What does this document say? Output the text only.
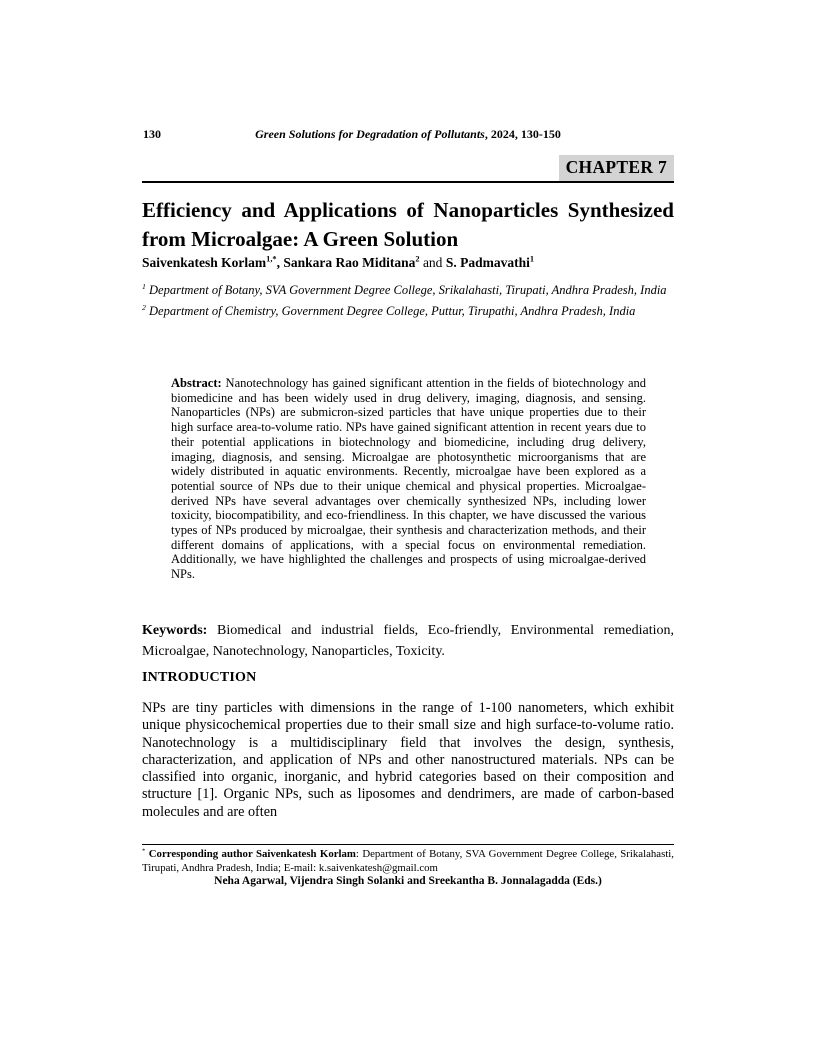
130	Green Solutions for Degradation of Pollutants, 2024, 130-150
CHAPTER 7
Efficiency and Applications of Nanoparticles Synthesized from Microalgae: A Green Solution
Saivenkatesh Korlam$^{1,*}$, Sankara Rao Miditana$^2$ and S. Padmavathi$^1$

$^1$ Department of Botany, SVA Government Degree College, Srikalahasti, Tirupati, Andhra Pradesh, India

$^2$ Department of Chemistry, Government Degree College, Puttur, Tirupathi, Andhra Pradesh, India

Abstract: Nanotechnology has gained significant attention in the fields of biotechnology and biomedicine and has been widely used in drug delivery, imaging, diagnosis, and sensing. Nanoparticles (NPs) are submicron-sized particles that have unique properties due to their high surface area-to-volume ratio. NPs have gained significant attention in recent years due to their potential applications in biotechnology and biomedicine, including drug delivery, imaging, diagnosis, and sensing. Microalgae are photosynthetic microorganisms that are widely distributed in aquatic environments. Recently, microalgae have been explored as a potential source of NPs due to their unique chemical and physical properties. Microalgae-derived NPs have several advantages over chemically synthesized NPs, including lower toxicity, biocompatibility, and eco-friendliness. In this chapter, we have discussed the various types of NPs produced by microalgae, their synthesis and characterization methods, and their different domains of applications, with a special focus on environmental remediation. Additionally, we have highlighted the challenges and prospects of using microalgae-derived NPs.
Keywords: Biomedical and industrial fields, Eco-friendly, Environmental remediation, Microalgae, Nanotechnology, Nanoparticles, Toxicity.
INTRODUCTION

NPs are tiny particles with dimensions in the range of 1-100 nanometers, which exhibit unique physicochemical properties due to their small size and high surface-to-volume ratio. Nanotechnology is a multidisciplinary field that involves the design, synthesis, characterization, and application of NPs and other nanostructured materials. NPs can be classified into organic, inorganic, and hybrid categories based on their composition and structure [1]. Organic NPs, such as liposomes and dendrimers, are made of carbon-based molecules and are often

* Corresponding author Saivenkatesh Korlam: Department of Botany, SVA Government Degree College, Srikalahasti, Tirupati, Andhra Pradesh, India; E-mail: k.saivenkatesh@gmail.com
Neha Agarwal, Vijendra Singh Solanki and Sreekantha B. Jonnalagadda (Eds.)
